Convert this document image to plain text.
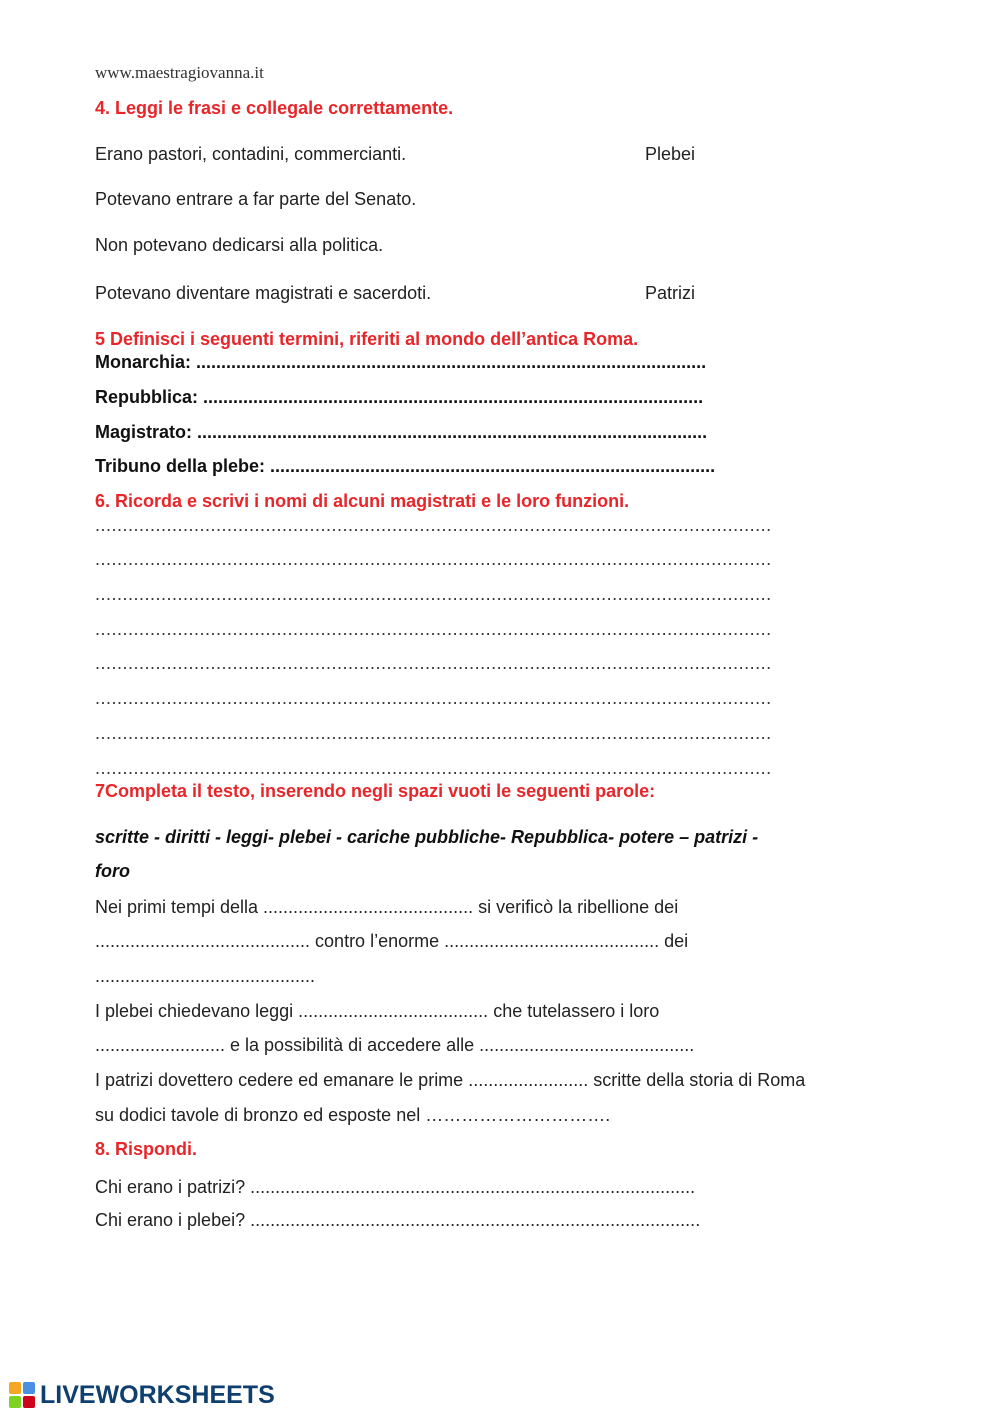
www.maestragiovanna.it
4. Leggi le frasi e collegale correttamente.
Erano pastori, contadini, commercianti.	Plebei
Potevano entrare a far parte del Senato.
Non potevano dedicarsi alla politica.
Potevano diventare magistrati e sacerdoti.	Patrizi
5 Definisci i seguenti termini, riferiti al mondo dell’antica Roma.
Monarchia: ......................................................................................................
Repubblica: ....................................................................................................
Magistrato: ......................................................................................................
Tribuno della plebe: .........................................................................................
6. Ricorda e scrivi i nomi di alcuni magistrati e le loro funzioni.
...........................................................................................................................
...........................................................................................................................
...........................................................................................................................
...........................................................................................................................
...........................................................................................................................
...........................................................................................................................
...........................................................................................................................
...........................................................................................................................
7Completa il testo, inserendo negli spazi vuoti le seguenti parole:
scritte - diritti - leggi- plebei - cariche pubbliche- Repubblica- potere – patrizi -
foro
Nei primi tempi della .......................................... si verificò la ribellione dei
........................................... contro l’enorme ........................................... dei
............................................
I plebei chiedevano leggi ...................................... che tutelassero i loro
.......................... e la possibilità di accedere alle ...........................................
I patrizi dovettero cedere ed emanare le prime ........................ scritte della storia di Roma
su dodici tavole di bronzo ed esposte nel ………………………….
8. Rispondi.
Chi erano i patrizi? .........................................................................................
Chi erano i plebei? ..........................................................................................
LIVEWORKSHEETS
